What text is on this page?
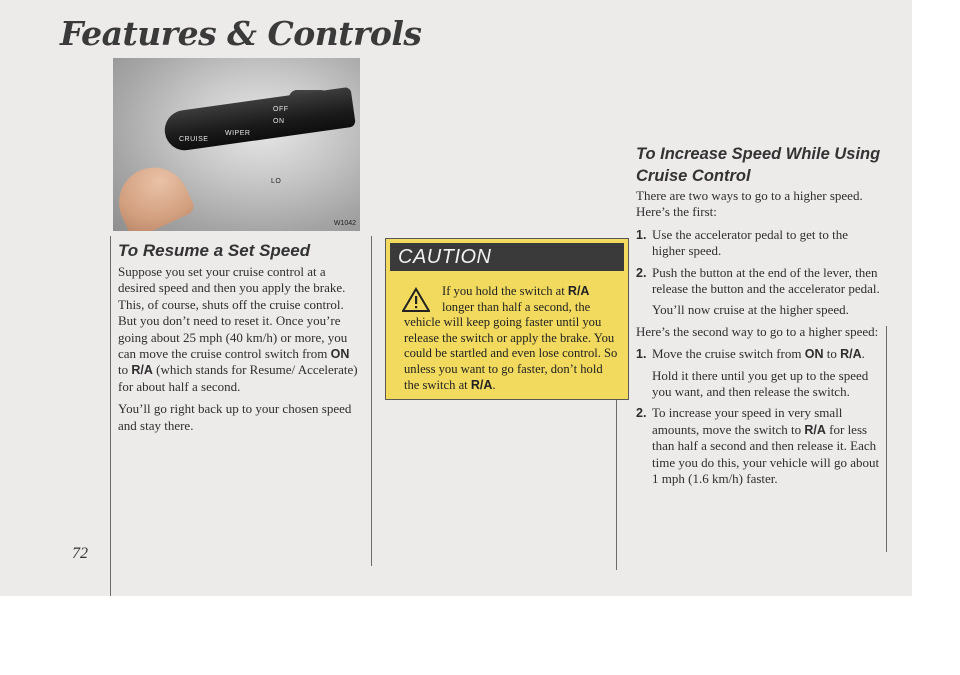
Features & Controls
CRUISE
WIPER
ON
OFF
LO
W1042
To Resume a Set Speed

Suppose you set your cruise control at a desired speed and then you apply the brake. This, of course, shuts off the cruise control. But you don’t need to reset it. Once you’re going about 25 mph (40 km/h) or more, you can move the cruise control switch from ON to R/A (which stands for Resume/ Accelerate) for about half a second.

You’ll go right back up to your chosen speed and stay there.

CAUTION
If you hold the switch at R/A
longer than half a second, the
vehicle will keep going faster until you release the switch or apply the brake. You could be startled and even lose control. So unless you want to go faster, don’t hold the switch at R/A.
To Increase Speed While Using
Cruise Control

There are two ways to go to a higher speed. Here’s the first:

1. Use the accelerator pedal to get to the higher speed.
2. Push the button at the end of the lever, then release the button and the accelerator pedal.

You’ll now cruise at the higher speed.

Here’s the second way to go to a higher speed:

1. Move the cruise switch from ON to R/A.

Hold it there until you get up to the speed you want, and then release the switch.

2. To increase your speed in very small amounts, move the switch to R/A for less than half a second and then release it. Each time you do this, your vehicle will go about 1 mph (1.6 km/h) faster.
72
